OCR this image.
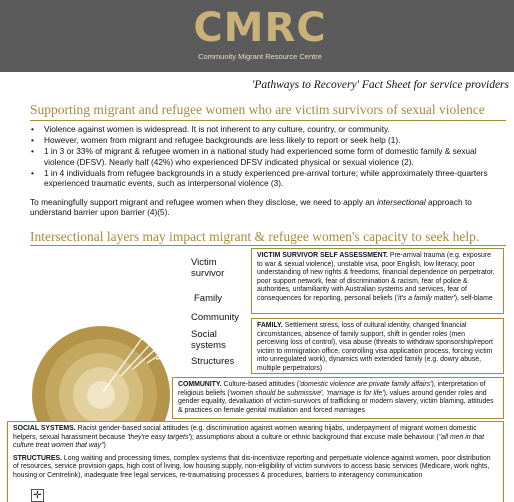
CMRC
Community Migrant Resource Centre
'Pathways to Recovery' Fact Sheet for service providers
Supporting migrant and refugee women who are victim survivors of sexual violence
• Violence against women is widespread. It is not inherent to any culture, country, or community.
• However, women from migrant and refugee backgrounds are less likely to report or seek help (1).
• 1 in 3 or 33% of migrant & refugee women in a national study had experienced some form of domestic family & sexual violence (DFSV). Nearly half (42%) who experienced DFSV indicated physical or sexual violence (2).
• 1 in 4 individuals from refugee backgrounds in a study experienced pre-arrival torture; while approximately three-quarters experienced traumatic events, such as interpersonal violence (3).
To meaningfully support migrant and refugee women when they disclose, we need to apply an intersectional approach to understand barrier upon barrier (4)(5).
Intersectional layers may impact migrant & refugee women's capacity to seek help.
Victim
survivor
Family
Community
Social
systems
Structures
VICTIM SURVIVOR SELF ASSESSMENT. Pre-arrival trauma (e.g. exposure to war & sexual violence), unstable visa, poor English, low literacy, poor understanding of new rights & freedoms, financial dependence on perpetrator, poor support network, fear of discrimination & racism, fear of police & authorities, unfamiliarity with Australian systems and services, fear of consequences for reporting, personal beliefs ('it's a family matter'), self-blame
FAMILY. Settlement stress, loss of cultural identity, changed financial circumstances, absence of family support, shift in gender roles (men perceiving loss of control), visa abuse (threats to withdraw sponsorship/report victim to immigration office, controlling visa application process, forcing victim into unregulated work), dynamics with extended family (e.g. dowry abuse, multiple perpetrators)
COMMUNITY. Culture-based attitudes ('domestic violence are private family affairs'), interpretation of religious beliefs ('women should be submissive', 'marriage is for life'), values around gender roles and gender equality, devaluation of victim-survivors of trafficking or modern slavery, victim blaming, attitudes & practices on female genital mutilation and forced marriages
SOCIAL SYSTEMS. Racist gender-based social attitudes (e.g. discrimination against women wearing hijabs, underpayment of migrant women domestic helpers, sexual harassment because 'they're easy targets'); assumptions about a culture or ethnic background that excuse male behaviour ("all men in that culture treat women that way")
STRUCTURES. Long waiting and processing times, complex systems that dis-incentivize reporting and perpetuate violence against women, poor distribution of resources, service provision gaps, high cost of living, low housing supply, non-eligibility of victim survivors to access basic services (Medicare, work rights, housing or Centrelink), inadequate free legal services, re-traumatising processes & procedures, barriers to interagency communication
✛
